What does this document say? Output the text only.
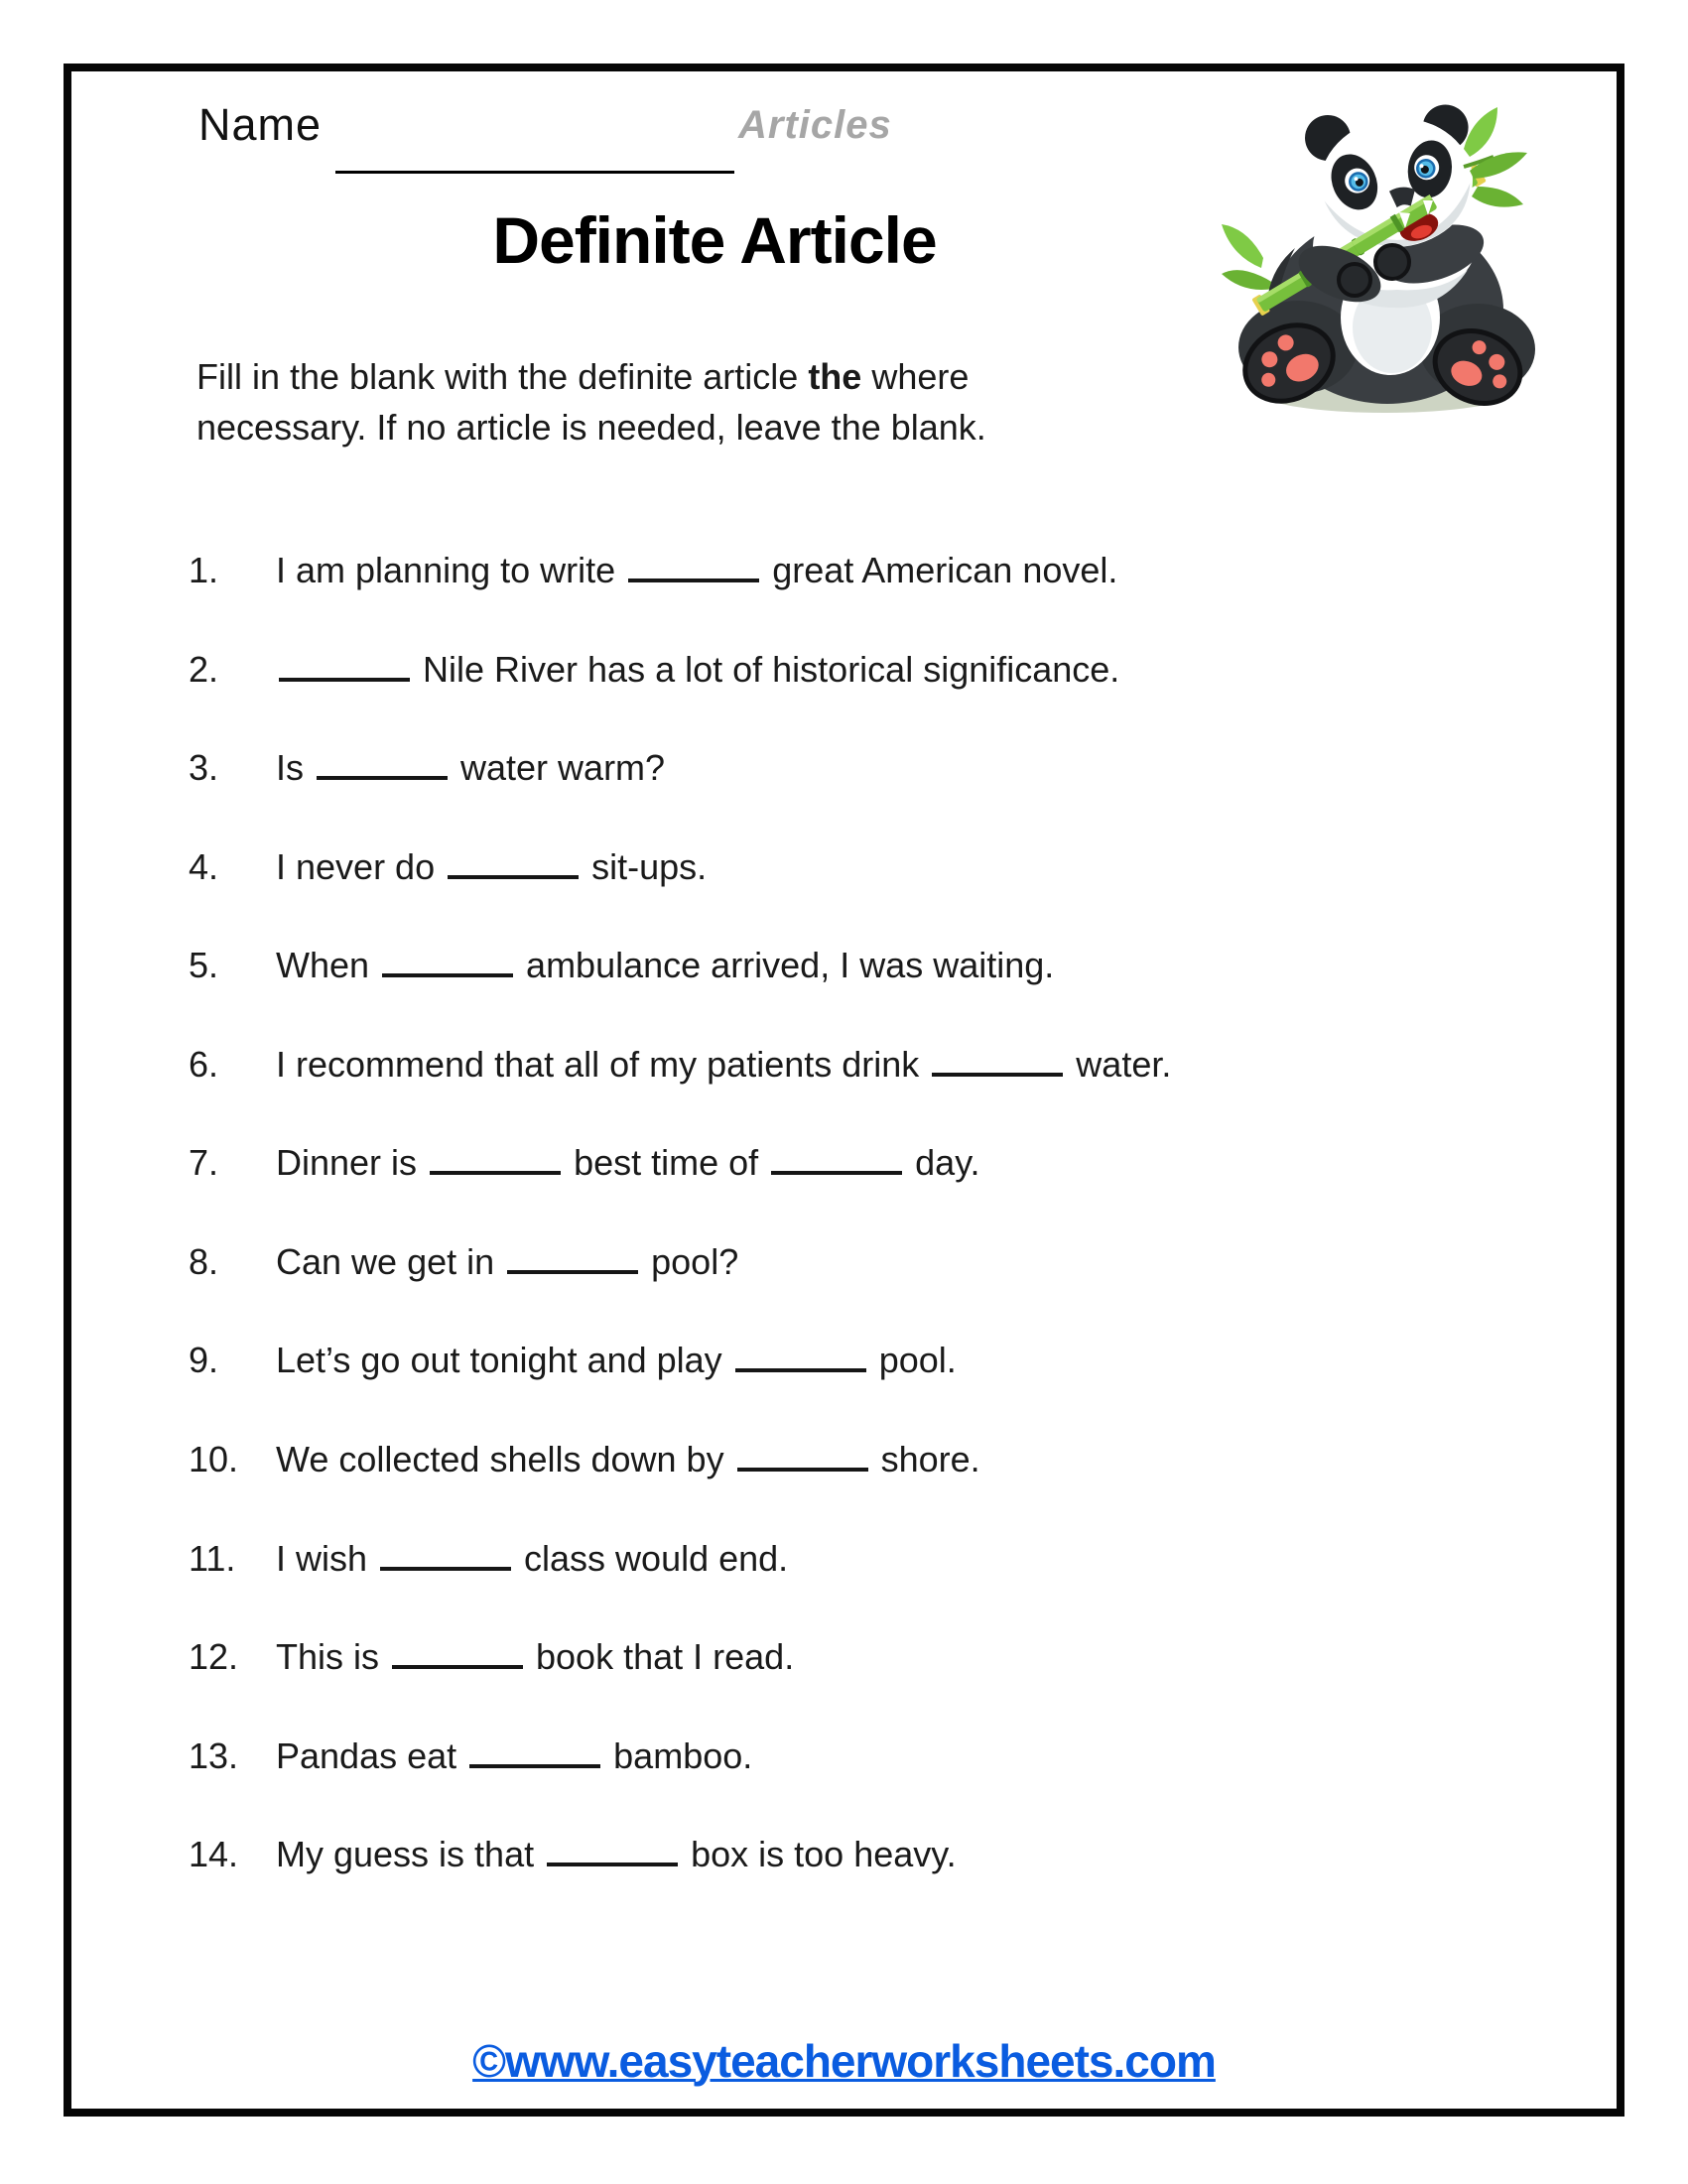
Name	Articles
Definite Article

Fill in the blank with the definite article the where necessary. If no article is needed, leave the blank.

1.	I am planning to write	great American novel.
2.	Nile River has a lot of historical significance.
3.	Is	water warm?
4.	I never do	sit-ups.
5.	When	ambulance arrived, I was waiting.
6.	I recommend that all of my patients drink	water.
7.	Dinner is	best time of	day.
8.	Can we get in	pool?
9.	Let’s go out tonight and play	pool.
10.	We collected shells down by	shore.
11.	I wish	class would end.
12.	This is	book that I read.
13.	Pandas eat	bamboo.
14.	My guess is that	box is too heavy.
©www.easyteacherworksheets.com
